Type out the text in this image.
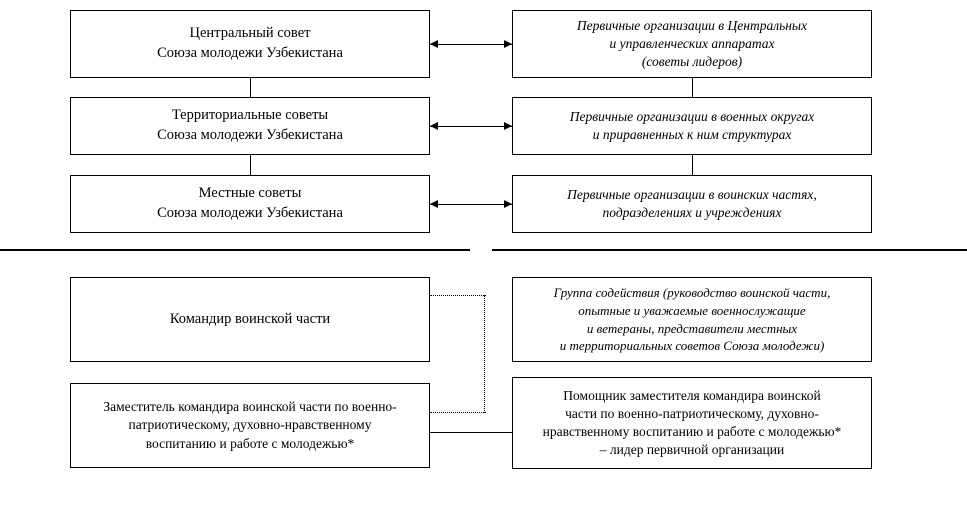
Центральный совет
Союза молодежи Узбекистана
Первичные организации в Центральных
и управленческих аппаратах
(советы лидеров)
Территориальные советы
Союза молодежи Узбекистана
Первичные организации в военных округах
и приравненных к ним структурах
Местные советы
Союза молодежи Узбекистана
Первичные организации в воинских частях,
подразделениях и учреждениях
Командир воинской части
Группа содействия (руководство воинской части,
опытные и уважаемые военнослужащие
и ветераны, представители местных
и территориальных советов Союза молодежи)
Заместитель командира воинской части по военно-
патриотическому, духовно-нравственному
воспитанию и работе с молодежью*
Помощник заместителя командира воинской
части по военно-патриотическому, духовно-
нравственному воспитанию и работе с молодежью*
– лидер первичной организации
